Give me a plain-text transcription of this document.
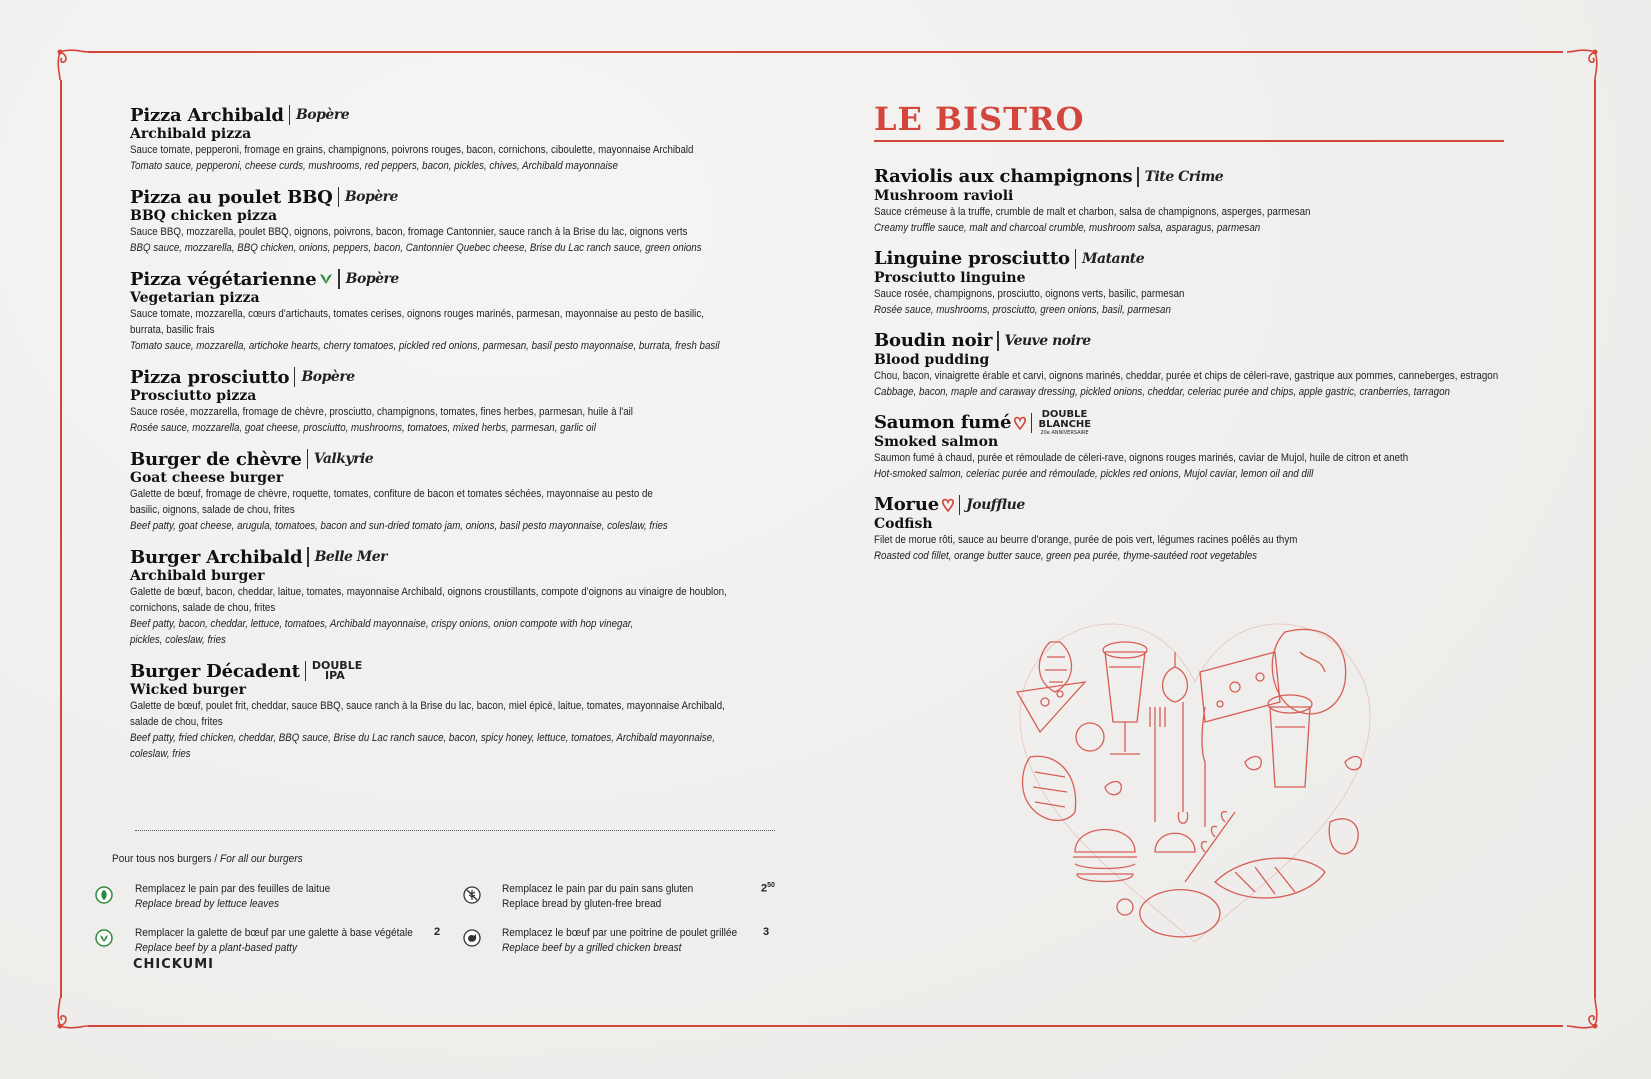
Pizza Archibald Bopère
Archibald pizza
Sauce tomate, pepperoni, fromage en grains, champignons, poivrons rouges, bacon, cornichons, ciboulette, mayonnaise Archibald
Tomato sauce, pepperoni, cheese curds, mushrooms, red peppers, bacon, pickles, chives, Archibald mayonnaise
Pizza au poulet BBQ Bopère
BBQ chicken pizza
Sauce BBQ, mozzarella, poulet BBQ, oignons, poivrons, bacon, fromage Cantonnier, sauce ranch à la Brise du lac, oignons verts
BBQ sauce, mozzarella, BBQ chicken, onions, peppers, bacon, Cantonnier Quebec cheese, Brise du Lac ranch sauce, green onions
Pizza végétarienne Bopère
Vegetarian pizza
Sauce tomate, mozzarella, cœurs d'artichauts, tomates cerises, oignons rouges marinés, parmesan, mayonnaise au pesto de basilic, burrata, basilic frais
Tomato sauce, mozzarella, artichoke hearts, cherry tomatoes, pickled red onions, parmesan, basil pesto mayonnaise, burrata, fresh basil
Pizza prosciutto Bopère
Prosciutto pizza
Sauce rosée, mozzarella, fromage de chèvre, prosciutto, champignons, tomates, fines herbes, parmesan, huile à l'ail
Rosée sauce, mozzarella, goat cheese, prosciutto, mushrooms, tomatoes, mixed herbs, parmesan, garlic oil
Burger de chèvre Valkyrie
Goat cheese burger
Galette de bœuf, fromage de chèvre, roquette, tomates, confiture de bacon et tomates séchées, mayonnaise au pesto de basilic, oignons, salade de chou, frites
Beef patty, goat cheese, arugula, tomatoes, bacon and sun-dried tomato jam, onions, basil pesto mayonnaise, coleslaw, fries
Burger Archibald Belle Mer
Archibald burger
Galette de bœuf, bacon, cheddar, laitue, tomates, mayonnaise Archibald, oignons croustillants, compote d'oignons au vinaigre de houblon, cornichons, salade de chou, frites
Beef patty, bacon, cheddar, lettuce, tomatoes, Archibald mayonnaise, crispy onions, onion compote with hop vinegar, pickles, coleslaw, fries
Burger Décadent DOUBLE IPA
Wicked burger
Galette de bœuf, poulet frit, cheddar, sauce BBQ, sauce ranch à la Brise du lac, bacon, miel épicé, laitue, tomates, mayonnaise Archibald, salade de chou, frites
Beef patty, fried chicken, cheddar, BBQ sauce, Brise du Lac ranch sauce, bacon, spicy honey, lettuce, tomatoes, Archibald mayonnaise, coleslaw, fries
LE BISTRO
Raviolis aux champignons Tite Crime
Mushroom ravioli
Sauce crémeuse à la truffe, crumble de malt et charbon, salsa de champignons, asperges, parmesan
Creamy truffle sauce, malt and charcoal crumble, mushroom salsa, asparagus, parmesan
Linguine prosciutto Matante
Prosciutto linguine
Sauce rosée, champignons, prosciutto, oignons verts, basilic, parmesan
Rosée sauce, mushrooms, prosciutto, green onions, basil, parmesan
Boudin noir Veuve noire
Blood pudding
Chou, bacon, vinaigrette érable et carvi, oignons marinés, cheddar, purée et chips de céleri-rave, gastrique aux pommes, canneberges, estragon
Cabbage, bacon, maple and caraway dressing, pickled onions, cheddar, celeriac purée and chips, apple gastric, cranberries, tarragon
Saumon fumé	DOUBLE BLANCHE
20e ANNIVERSAIRE
Smoked salmon
Saumon fumé à chaud, purée et rémoulade de céleri-rave, oignons rouges marinés, caviar de Mujol, huile de citron et aneth
Hot-smoked salmon, celeriac purée and rémoulade, pickles red onions, Mujol caviar, lemon oil and dill
Morue Joufflue
Codfish
Filet de morue rôti, sauce au beurre d'orange, purée de pois vert, légumes racines poêlés au thym
Roasted cod fillet, orange butter sauce, green pea purée, thyme-sautéed root vegetables
Pour tous nos burgers / For all our burgers
Remplacez le pain par des feuilles de laitue
Replace bread by lettuce leaves
Remplacez le pain par du pain sans gluten
Replace bread by gluten-free bread
$2^{50}$
Remplacer la galette de bœuf par une galette à base végétale
Replace beef by a plant-based patty
2
CHICKUMI
Remplacez le bœuf par une poitrine de poulet grillée
Replace beef by a grilled chicken breast
3
